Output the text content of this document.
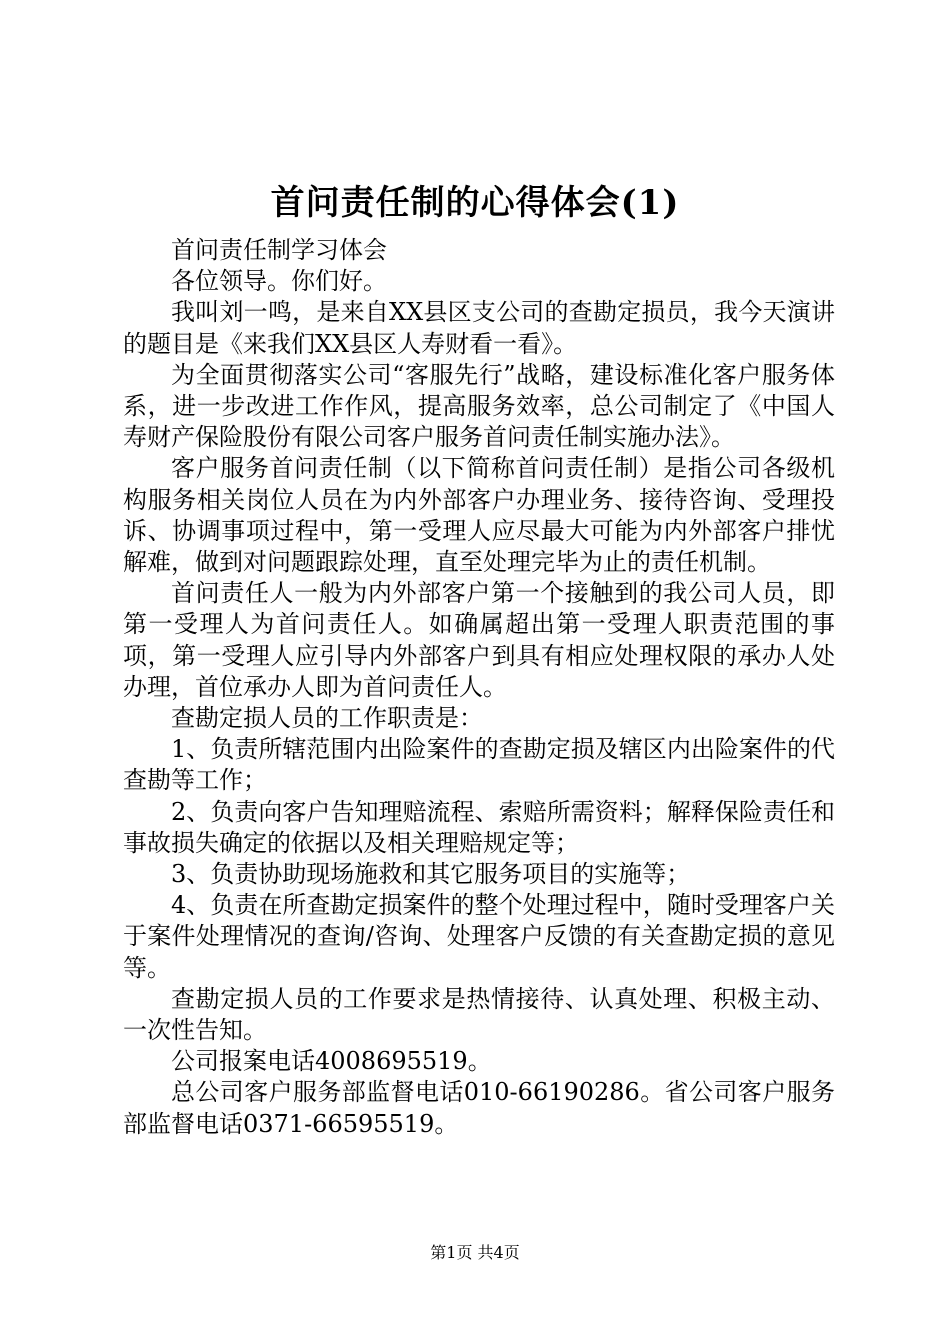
首问责任制的心得体会(1)

首问责任制学习体会

各位领导。你们好。

我叫刘一鸣，是来自XX县区支公司的查勘定损员，我今天演讲的题目是《来我们XX县区人寿财看一看》。

为全面贯彻落实公司“客服先行”战略，建设标准化客户服务体系，进一步改进工作作风，提高服务效率，总公司制定了《中国人寿财产保险股份有限公司客户服务首问责任制实施办法》。

客户服务首问责任制（以下简称首问责任制）是指公司各级机构服务相关岗位人员在为内外部客户办理业务、接待咨询、受理投诉、协调事项过程中，第一受理人应尽最大可能为内外部客户排忧解难，做到对问题跟踪处理，直至处理完毕为止的责任机制。

首问责任人一般为内外部客户第一个接触到的我公司人员，即第一受理人为首问责任人。如确属超出第一受理人职责范围的事项，第一受理人应引导内外部客户到具有相应处理权限的承办人处办理，首位承办人即为首问责任人。

查勘定损人员的工作职责是：

1、负责所辖范围内出险案件的查勘定损及辖区内出险案件的代查勘等工作；

2、负责向客户告知理赔流程、索赔所需资料；解释保险责任和事故损失确定的依据以及相关理赔规定等；

3、负责协助现场施救和其它服务项目的实施等；

4、负责在所查勘定损案件的整个处理过程中，随时受理客户关于案件处理情况的查询/咨询、处理客户反馈的有关查勘定损的意见等。

查勘定损人员的工作要求是热情接待、认真处理、积极主动、一次性告知。

公司报案电话4008695519。

总公司客户服务部监督电话010-66190286。省公司客户服务部监督电话0371-66595519。

第1页 共4页
